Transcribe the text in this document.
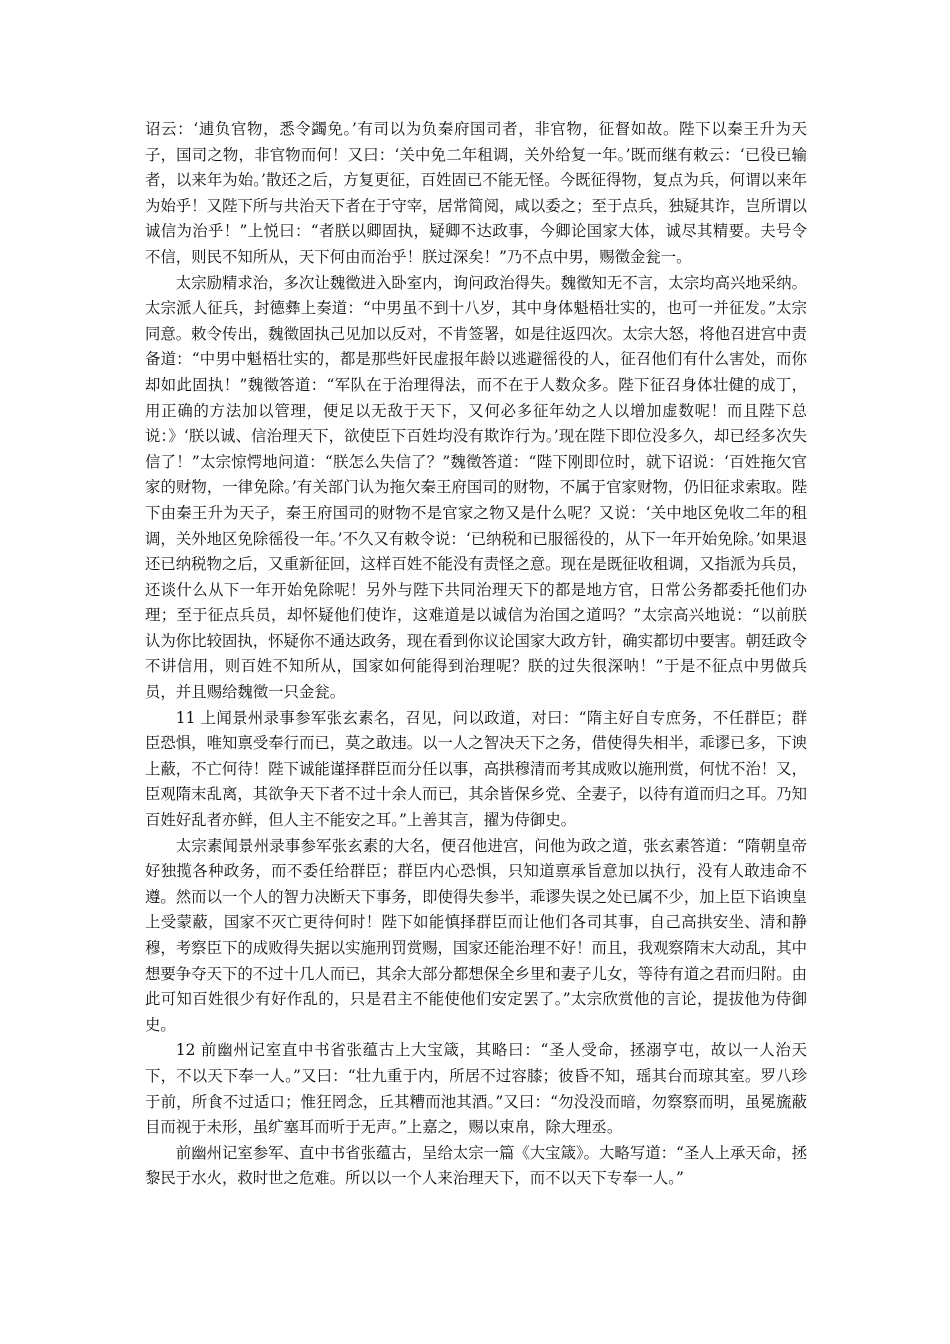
诏云：‘逋负官物，悉令蠲免。’有司以为负秦府国司者，非官物，征督如故。陛下以秦王升为天子，国司之物，非官物而何！又曰：‘关中免二年租调，关外给复一年。’既而继有敕云：‘已役已输者，以来年为始。’散还之后，方复更征，百姓固已不能无怪。今既征得物，复点为兵，何谓以来年为始乎！又陛下所与共治天下者在于守宰，居常简阅，咸以委之；至于点兵，独疑其诈，岂所谓以诚信为治乎！”上悦曰：“者朕以卿固执，疑卿不达政事，今卿论国家大体，诚尽其精要。夫号令不信，则民不知所从，天下何由而治乎！朕过深矣！”乃不点中男，赐徵金瓮一。

太宗励精求治，多次让魏徵进入卧室内，询问政治得失。魏徵知无不言，太宗均高兴地采纳。太宗派人征兵，封德彝上奏道：“中男虽不到十八岁，其中身体魁梧壮实的，也可一并征发。”太宗同意。敕令传出，魏徵固执己见加以反对，不肯签署，如是往返四次。太宗大怒，将他召进宫中责备道：“中男中魁梧壮实的，都是那些奸民虚报年龄以逃避徭役的人，征召他们有什么害处，而你却如此固执！”魏徵答道：“军队在于治理得法，而不在于人数众多。陛下征召身体壮健的成丁，用正确的方法加以管理，便足以无敌于天下，又何必多征年幼之人以增加虚数呢！而且陛下总说：》‘朕以诚、信治理天下，欲使臣下百姓均没有欺诈行为。’现在陛下即位没多久，却已经多次失信了！”太宗惊愕地问道：“朕怎么失信了？”魏徵答道：“陛下刚即位时，就下诏说：‘百姓拖欠官家的财物，一律免除。’有关部门认为拖欠秦王府国司的财物，不属于官家财物，仍旧征求索取。陛下由秦王升为天子，秦王府国司的财物不是官家之物又是什么呢？又说：‘关中地区免收二年的租调，关外地区免除徭役一年。’不久又有敕令说：‘已纳税和已服徭役的，从下一年开始免除。’如果退还已纳税物之后，又重新征回，这样百姓不能没有责怪之意。现在是既征收租调，又指派为兵员，还谈什么从下一年开始免除呢！另外与陛下共同治理天下的都是地方官，日常公务都委托他们办理；至于征点兵员，却怀疑他们使诈，这难道是以诚信为治国之道吗？”太宗高兴地说：“以前朕认为你比较固执，怀疑你不通达政务，现在看到你议论国家大政方针，确实都切中要害。朝廷政令不讲信用，则百姓不知所从，国家如何能得到治理呢？朕的过失很深呐！”于是不征点中男做兵员，并且赐给魏徵一只金瓮。

11 上闻景州录事参军张玄素名，召见，问以政道，对曰：“隋主好自专庶务，不任群臣；群臣恐惧，唯知禀受奉行而已，莫之敢违。以一人之智决天下之务，借使得失相半，乖谬已多，下谀上蔽，不亡何待！陛下诚能谨择群臣而分任以事，高拱穆清而考其成败以施刑赏，何忧不治！又，臣观隋末乱离，其欲争天下者不过十余人而已，其余皆保乡党、全妻子，以待有道而归之耳。乃知百姓好乱者亦鲜，但人主不能安之耳。”上善其言，擢为侍御史。

太宗素闻景州录事参军张玄素的大名，便召他进宫，问他为政之道，张玄素答道：“隋朝皇帝好独揽各种政务，而不委任给群臣；群臣内心恐惧，只知道禀承旨意加以执行，没有人敢违命不遵。然而以一个人的智力决断天下事务，即使得失参半，乖谬失误之处已属不少，加上臣下谄谀皇上受蒙蔽，国家不灭亡更待何时！陛下如能慎择群臣而让他们各司其事，自己高拱安坐、清和静穆，考察臣下的成败得失据以实施刑罚赏赐，国家还能治理不好！而且，我观察隋末大动乱，其中想要争夺天下的不过十几人而已，其余大部分都想保全乡里和妻子儿女，等待有道之君而归附。由此可知百姓很少有好作乱的，只是君主不能使他们安定罢了。”太宗欣赏他的言论，提拔他为侍御史。

12 前幽州记室直中书省张蕴古上大宝箴，其略曰：“圣人受命，拯溺亨屯，故以一人治天下，不以天下奉一人。”又曰：“壮九重于内，所居不过容膝；彼昏不知，瑶其台而琼其室。罗八珍于前，所食不过适口；惟狂罔念，丘其糟而池其酒。”又曰：“勿没没而暗，勿察察而明，虽冕旒蔽目而视于未形，虽纩塞耳而听于无声。”上嘉之，赐以束帛，除大理丞。

前幽州记室参军、直中书省张蕴古，呈给太宗一篇《大宝箴》。大略写道：“圣人上承天命，拯黎民于水火，救时世之危难。所以以一个人来治理天下，而不以天下专奉一人。”
